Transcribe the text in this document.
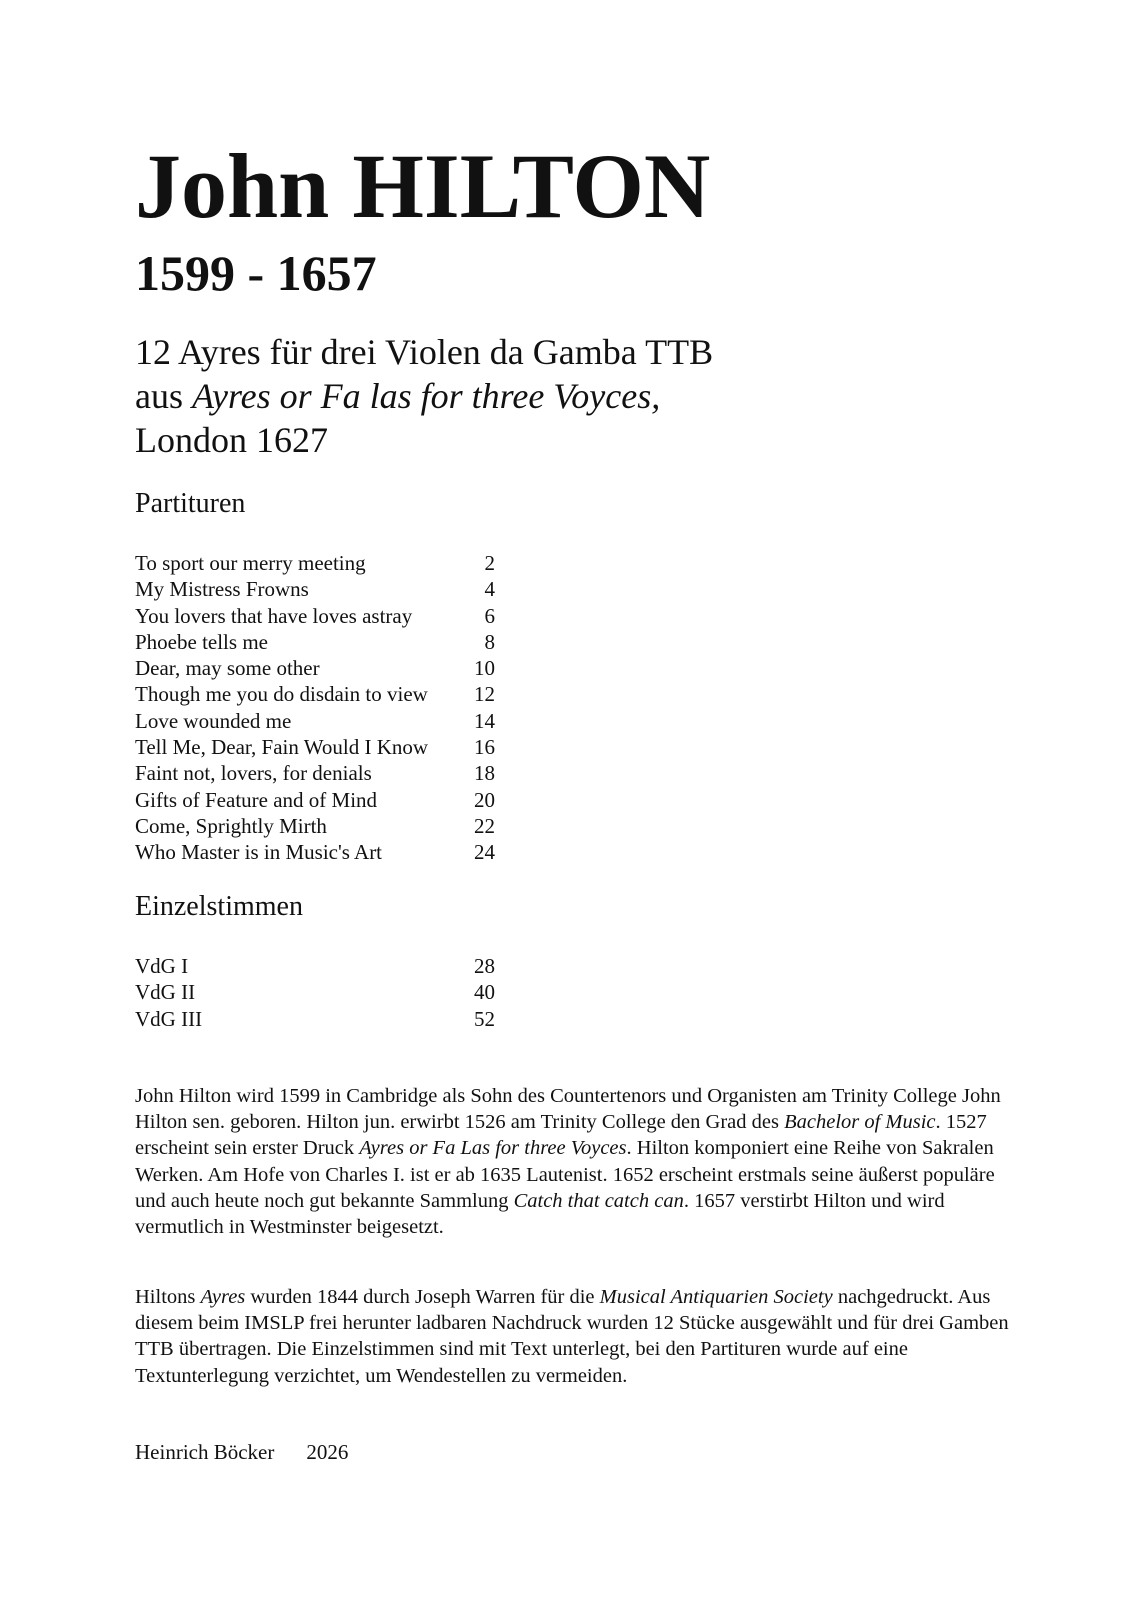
John HILTON
1599 - 1657
12 Ayres für drei Violen da Gamba TTB
aus Ayres or Fa las for three Voyces,
London 1627
Partituren
To sport our merry meeting	2
My Mistress Frowns	4
You lovers that have loves astray	6
Phoebe tells me	8
Dear, may some other	10
Though me you do disdain to view 12
Love wounded me	14
Tell Me, Dear, Fain Would I Know 16
Faint not, lovers, for denials	18
Gifts of Feature and of Mind	20
Come, Sprightly Mirth	22
Who Master is in Music's Art	24
Einzelstimmen
VdG I	28
VdG II	40
VdG III	52

John Hilton wird 1599 in Cambridge als Sohn des Countertenors und Organisten am Trinity College John Hilton sen. geboren. Hilton jun. erwirbt 1526 am Trinity College den Grad des Bachelor of Music. 1527 erscheint sein erster Druck Ayres or Fa Las for three Voyces. Hilton komponiert eine Reihe von Sakralen Werken. Am Hofe von Charles I. ist er ab 1635 Lautenist. 1652 erscheint erstmals seine äußerst populäre und auch heute noch gut bekannte Sammlung Catch that catch can. 1657 verstirbt Hilton und wird vermutlich in Westminster beigesetzt.

Hiltons Ayres wurden 1844 durch Joseph Warren für die Musical Antiquarien Society nachgedruckt. Aus diesem beim IMSLP frei herunter ladbaren Nachdruck wurden 12 Stücke ausgewählt und für drei Gamben TTB übertragen. Die Einzelstimmen sind mit Text unterlegt, bei den Partituren wurde auf eine Textunterlegung verzichtet, um Wendestellen zu vermeiden.

Heinrich Böcker 2026
